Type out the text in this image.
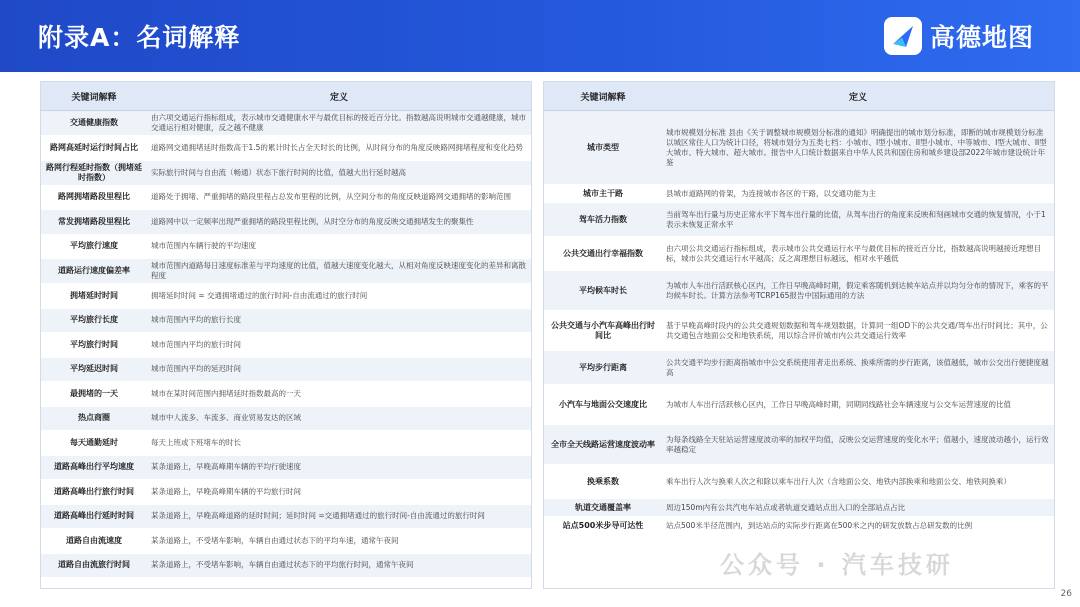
附录A：名词解释	高德地图
关键词解释	定义
交通健康指数	由六项交通运行指标组成，表示城市交通健康水平与最优目标的接近百分比。指数越高说明城市交通越健康，城市交通运行相对健康，反之越不健康
路网高延时运行时间占比	道路网交通拥堵延时指数高于1.5的累计时长占全天时长的比例，从时间分布的角度反映路网拥堵程度和变化趋势
路网行程延时指数（拥堵延时指数）	实际旅行时间与自由流（畅通）状态下旅行时间的比值，值越大出行延时越高
路网拥堵路段里程比	道路处于拥堵、严重拥堵的路段里程占总发布里程的比例，从空间分布的角度反映道路网交通拥堵的影响范围
常发拥堵路段里程比	道路网中以一定频率出现严重拥堵的路段里程比例，从时空分布的角度反映交通拥堵发生的聚集性
平均旅行速度	城市范围内车辆行驶的平均速度
道路运行速度偏差率	城市范围内道路每日速度标准差与平均速度的比值，值越大速度变化越大，从相对角度反映速度变化的差异和离散程度
拥堵延时时间	拥堵延时时间 = 交通拥堵通过的旅行时间-自由流通过的旅行时间
平均旅行长度	城市范围内平均的旅行长度
平均旅行时间	城市范围内平均的旅行时间
平均延迟时间	城市范围内平均的延迟时间
最拥堵的一天	城市在某时间范围内拥堵延时指数最高的一天
热点商圈	城市中人流多、车流多、商业贸易发达的区域
每天通勤延时	每天上班或下班堵车的时长
道路高峰出行平均速度	某条道路上，早晚高峰期车辆的平均行驶速度
道路高峰出行旅行时间	某条道路上，早晚高峰期车辆的平均旅行时间
道路高峰出行延时时间	某条道路上，早晚高峰道路的延时时间；延时时间 =交通拥堵通过的旅行时间-自由流通过的旅行时间
道路自由流速度	某条道路上，不受堵车影响，车辆自由通过状态下的平均车速，通常午夜间
道路自由流旅行时间	某条道路上，不受堵车影响，车辆自由通过状态下的平均旅行时间，通常午夜间
关键词解释	定义
城市类型	城市规模划分标准 县由《关于调整城市规模划分标准的通知》明确提出的城市划分标准，即断的城市规模划分标准以城区常住人口为统计口径，将城市划分为五类七档：小城市、I型小城市、II型小城市、中等城市、I型大城市、II型大城市、特大城市、超大城市。报告中人口统计数据来自中华人民共和国住房和城乡建设部2022年城市建设统计年鉴
城市主干路	县城市道路网的骨架，为连接城市各区的干路，以交通功能为主
驾车活力指数	当前驾车出行量与历史正常水平下驾车出行量的比值，从驾车出行的角度来反映和刻画城市交通的恢复情况，小于1表示未恢复正常水平
公共交通出行幸福指数	由六项公共交通运行指标组成，表示城市公共交通运行水平与最优目标的接近百分比，指数越高说明越接近理想目标，城市公共交通运行水平越高；反之离理想目标越远，相对水平越低
平均候车时长	为城市人车出行活跃核心区内，工作日早晚高峰时期，假定乘客随机到达候车站点并以均匀分布的情况下，乘客的平均候车时长。计算方法参考TCRP165报告中国际通用的方法
公共交通与小汽车高峰出行时间比	基于早晚高峰时段内的公共交通规划数据和驾车规划数据，计算同一组OD下的公共交通/驾车出行时间比；其中，公共交通包含地面公交和地铁系统，用以综合评价城市内公共交通运行效率
平均步行距离	公共交通平均步行距离指城市中公交系统使用者走出系统、换乘所需的步行距离，该值越低，城市公交出行便捷度越高
小汽车与地面公交速度比	为城市人车出行活跃核心区内，工作日早晚高峰时期，同期同线路社会车辆速度与公交车运营速度的比值
全市全天线路运营速度波动率	为每条线路全天驻站运营速度波动率的加权平均值，反映公交运营速度的变化水平；值越小，速度波动越小，运行效率越稳定
换乘系数	乘车出行人次与换乘人次之和除以乘车出行人次（含地面公交、地铁内部换乘和地面公交、地铁间换乘）
轨道交通覆盖率	周边150m内有公共汽电车站点或者轨道交通站点出入口的全部站点占比
站点500米步导可达性	站点500米半径范围内，到达站点的实际步行距离在500米之内的研发放数占总研发数的比例
公众号 · 汽车技研
26
